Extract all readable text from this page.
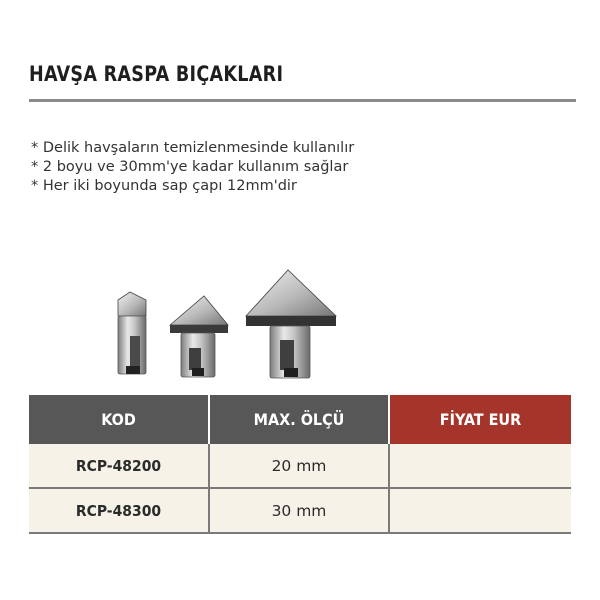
HAVŞA RASPA BIÇAKLARI
* Delik havşaların temizlenmesinde kullanılır
* 2 boyu ve 30mm'ye kadar kullanım sağlar
* Her iki boyunda sap çapı 12mm'dir
KOD	MAX. ÖLÇÜ	FİYAT EUR
RCP-48200	20 mm	
RCP-48300	30 mm	
